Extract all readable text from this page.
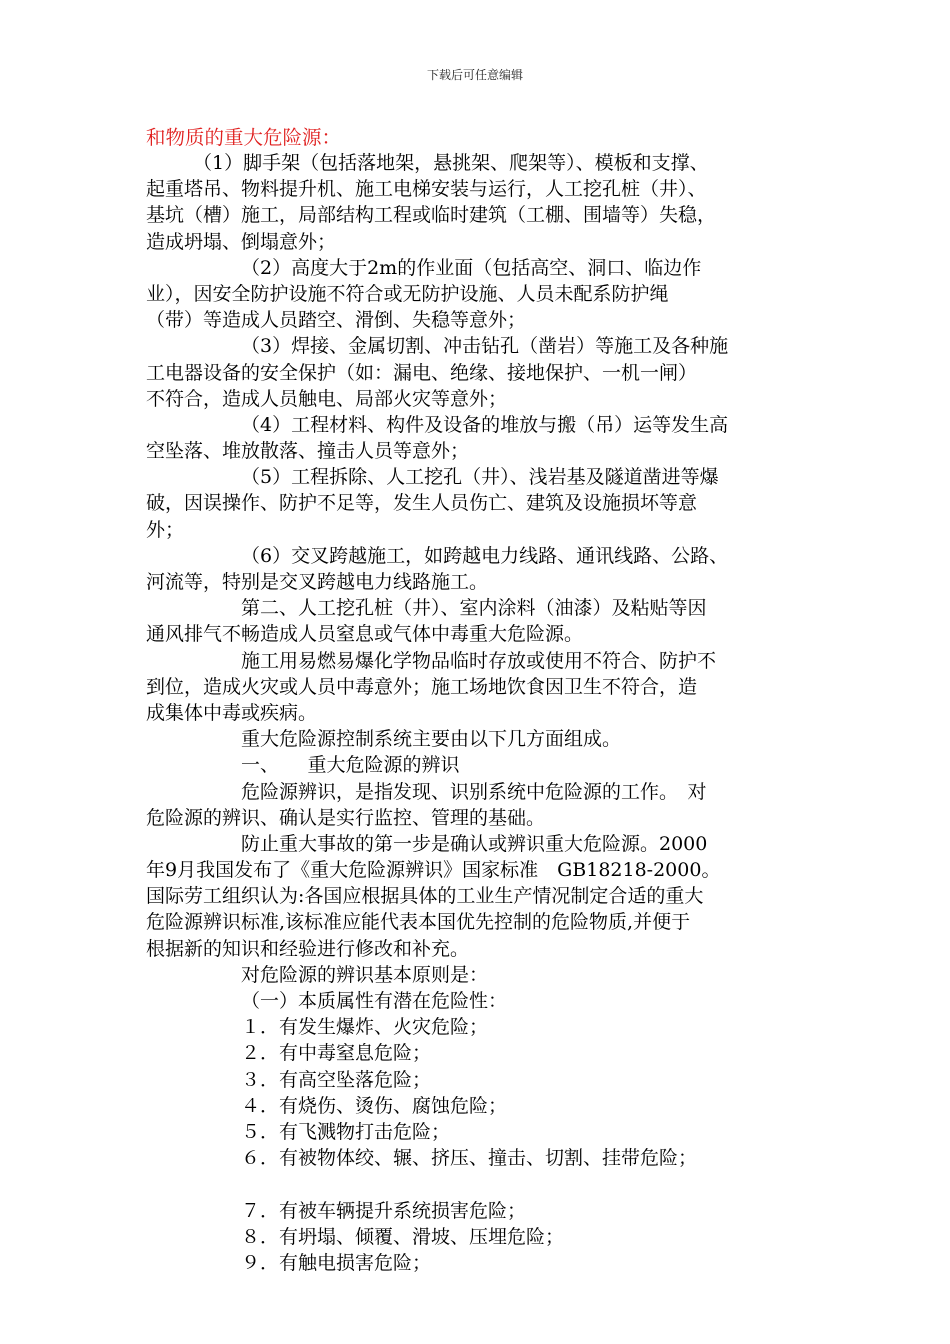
下载后可任意编辑
和物质的重大危险源：
（1）脚手架（包括落地架，悬挑架、爬架等）、模板和支撑、
起重塔吊、物料提升机、施工电梯安装与运行，人工挖孔桩（井）、
基坑（槽）施工，局部结构工程或临时建筑（工棚、围墙等）失稳，
造成坍塌、倒塌意外；
（2）高度大于2m的作业面（包括高空、洞口、临边作
业），因安全防护设施不符合或无防护设施、人员未配系防护绳
（带）等造成人员踏空、滑倒、失稳等意外；
（3）焊接、金属切割、冲击钻孔（凿岩）等施工及各种施
工电器设备的安全保护（如：漏电、绝缘、接地保护、一机一闸）
不符合，造成人员触电、局部火灾等意外；
（4）工程材料、构件及设备的堆放与搬（吊）运等发生高
空坠落、堆放散落、撞击人员等意外；
（5）工程拆除、人工挖孔（井）、浅岩基及隧道凿进等爆
破，因误操作、防护不足等，发生人员伤亡、建筑及设施损坏等意
外；
（6）交叉跨越施工，如跨越电力线路、通讯线路、公路、
河流等，特别是交叉跨越电力线路施工。
第二、人工挖孔桩（井）、室内涂料（油漆）及粘贴等因
通风排气不畅造成人员窒息或气体中毒重大危险源。
施工用易燃易爆化学物品临时存放或使用不符合、防护不
到位，造成火灾或人员中毒意外；施工场地饮食因卫生不符合，造
成集体中毒或疾病。
重大危险源控制系统主要由以下几方面组成。
一、　　重大危险源的辨识
危险源辨识，是指发现、识别系统中危险源的工作。　对
危险源的辨识、确认是实行监控、管理的基础。
防止重大事故的第一步是确认或辨识重大危险源。2000
年9月我国发布了《重大危险源辨识》国家标准　GB18218-2000。
国际劳工组织认为:各国应根据具体的工业生产情况制定合适的重大
危险源辨识标准,该标准应能代表本国优先控制的危险物质,并便于
根据新的知识和经验进行修改和补充。
对危险源的辨识基本原则是：
（一）本质属性有潜在危险性：
１．有发生爆炸、火灾危险；
２．有中毒窒息危险；
３．有高空坠落危险；
４．有烧伤、烫伤、腐蚀危险；
５．有飞溅物打击危险；
６．有被物体绞、辗、挤压、撞击、切割、挂带危险；
７．有被车辆提升系统损害危险；
８．有坍塌、倾覆、滑坡、压埋危险；
９．有触电损害危险；
